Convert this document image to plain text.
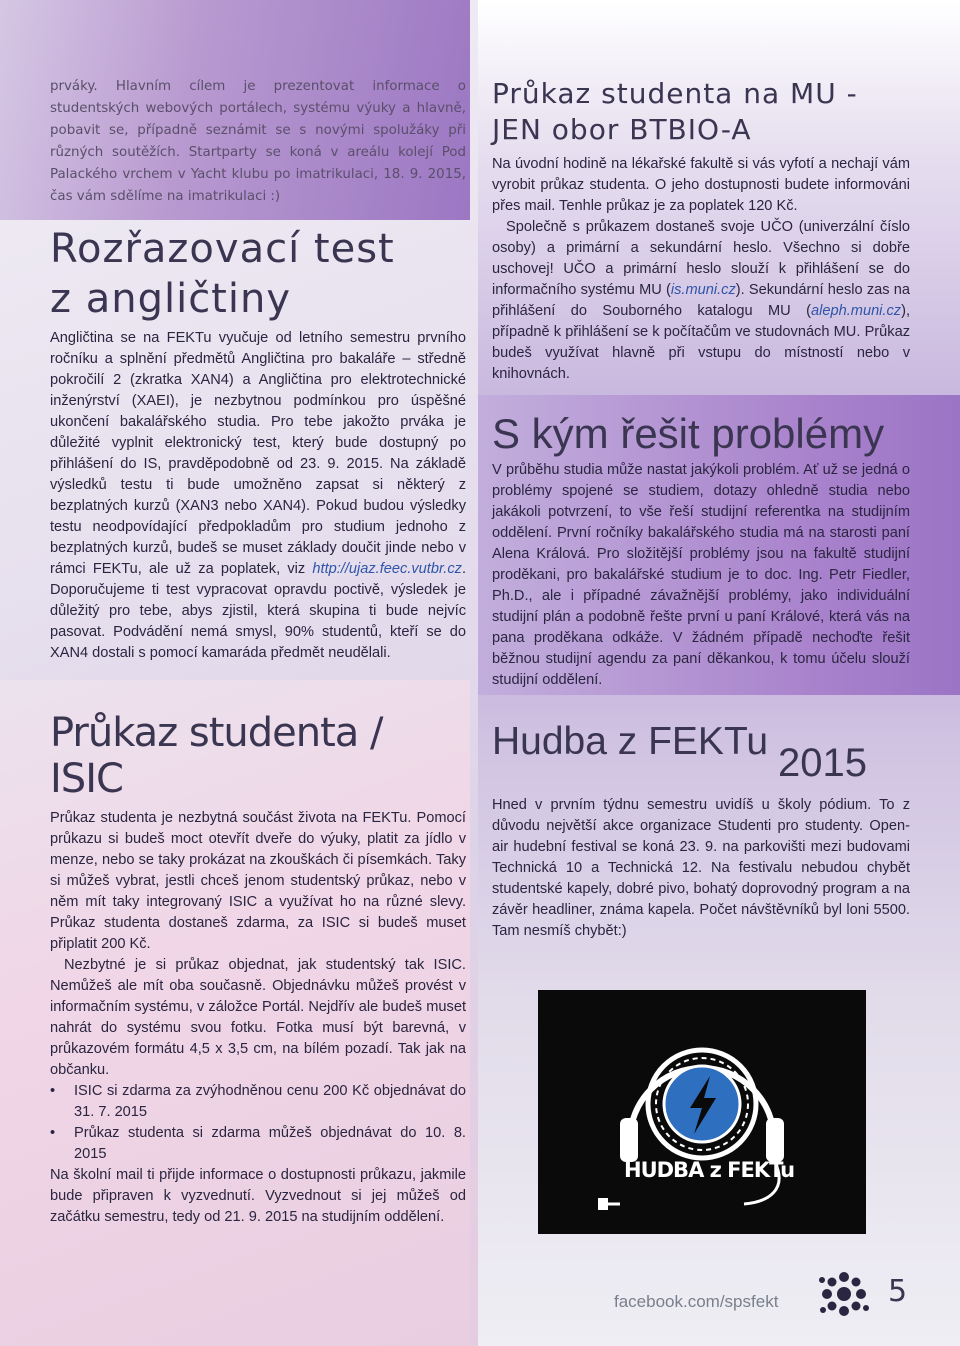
prváky. Hlavním cílem je prezentovat informace o studentských webových portálech, systému výuky a hlavně, pobavit se, případně seznámit se s novými spolužáky při různých soutěžích. Startparty se koná v areálu kolejí Pod Palackého vrchem v Yacht klubu po imatrikulaci, 18. 9. 2015, čas vám sdělíme na imatrikulaci :)

Rozřazovací test
z angličtiny

Angličtina se na FEKTu vyučuje od letního semestru prvního ročníku a splnění předmětů Angličtina pro bakaláře – středně pokročilí 2 (zkratka XAN4) a Angličtina pro elektrotechnické inženýrství (XAEI), je nezbytnou podmínkou pro úspěšné ukončení bakalářského studia. Pro tebe jakožto prváka je důležité vyplnit elektronický test, který bude dostupný po přihlášení do IS, pravděpodobně od 23. 9. 2015. Na základě výsledků testu ti bude umožněno zapsat si některý z bezplatných kurzů (XAN3 nebo XAN4). Pokud budou výsledky testu neodpovídající předpokladům pro studium jednoho z bezplatných kurzů, budeš se muset základy doučit jinde nebo v rámci FEKTu, ale už za poplatek, viz http://ujaz.feec.vutbr.cz. Doporučujeme ti test vypracovat opravdu poctivě, výsledek je důležitý pro tebe, abys zjistil, která skupina ti bude nejvíc pasovat. Podvádění nemá smysl, 90% studentů, kteří se do XAN4 dostali s pomocí kamaráda předmět neudělali.

Průkaz studenta / ISIC

Průkaz studenta je nezbytná součást života na FEKTu. Pomocí průkazu si budeš moct otevřít dveře do výuky, platit za jídlo v menze, nebo se taky prokázat na zkouškách či písemkách. Taky si můžeš vybrat, jestli chceš jenom studentský průkaz, nebo v něm mít taky integrovaný ISIC a využívat ho na různé slevy. Průkaz studenta dostaneš zdarma, za ISIC si budeš muset připlatit 200 Kč.

Nezbytné je si průkaz objednat, jak studentský tak ISIC. Nemůžeš ale mít oba současně. Objednávku můžeš provést v informačním systému, v záložce Portál. Nejdřív ale budeš muset nahrát do systému svou fotku. Fotka musí být barevná, v průkazovém formátu 4,5 x 3,5 cm, na bílém pozadí. Tak jak na občanku.

• ISIC si zdarma za zvýhodněnou cenu 200 Kč objednávat do 31. 7. 2015
• Průkaz studenta si zdarma můžeš objednávat do 10. 8. 2015

Na školní mail ti přijde informace o dostupnosti průkazu, jakmile bude připraven k vyzvednutí. Vyzvednout si jej můžeš od začátku semestru, tedy od 21. 9. 2015 na studijním oddělení.

Průkaz studenta na MU -
JEN obor BTBIO-A

Na úvodní hodině na lékařské fakultě si vás vyfotí a nechají vám vyrobit průkaz studenta. O jeho dostupnosti budete informováni přes mail. Tenhle průkaz je za poplatek 120 Kč.

Společně s průkazem dostaneš svoje UČO (univerzální číslo osoby) a primární a sekundární heslo. Všechno si dobře uschovej! UČO a primární heslo slouží k přihlášení se do informačního systému MU (is.muni.cz). Sekundární heslo zas na přihlášení do Souborného katalogu MU (aleph.muni.cz), případně k přihlášení se k počítačům ve studovnách MU. Průkaz budeš využívat hlavně při vstupu do místností nebo v knihovnách.

S kým řešit problémy

V průběhu studia může nastat jakýkoli problém. Ať už se jedná o problémy spojené se studiem, dotazy ohledně studia nebo jakákoli potvrzení, to vše řeší studijní referentka na studijním oddělení. První ročníky bakalářského studia má na starosti paní Alena Králová. Pro složitější problémy jsou na fakultě studijní proděkani, pro bakalářské studium je to doc. Ing. Petr Fiedler, Ph.D., ale i případné závažnější problémy, jako individuální studijní plán a podobně řešte první u paní Králové, která vás na pana proděkana odkáže. V žádném případě nechoďte řešit běžnou studijní agendu za paní děkankou, k tomu účelu slouží studijní oddělení.

Hudba z FEKTu 2015

Hned v prvním týdnu semestru uvidíš u školy pódium. To z důvodu největší akce organizace Studenti pro studenty. Open-air hudební festival se koná 23. 9. na parkovišti mezi budovami Technická 10 a Technická 12. Na festivalu nebudou chybět studentské kapely, dobré pivo, bohatý doprovodný program a na závěr headliner, známa kapela. Počet návštěvníků byl loni 5500. Tam nesmíš chybět:)

HUDBA z FEKTu
facebook.com/spsfekt	5
